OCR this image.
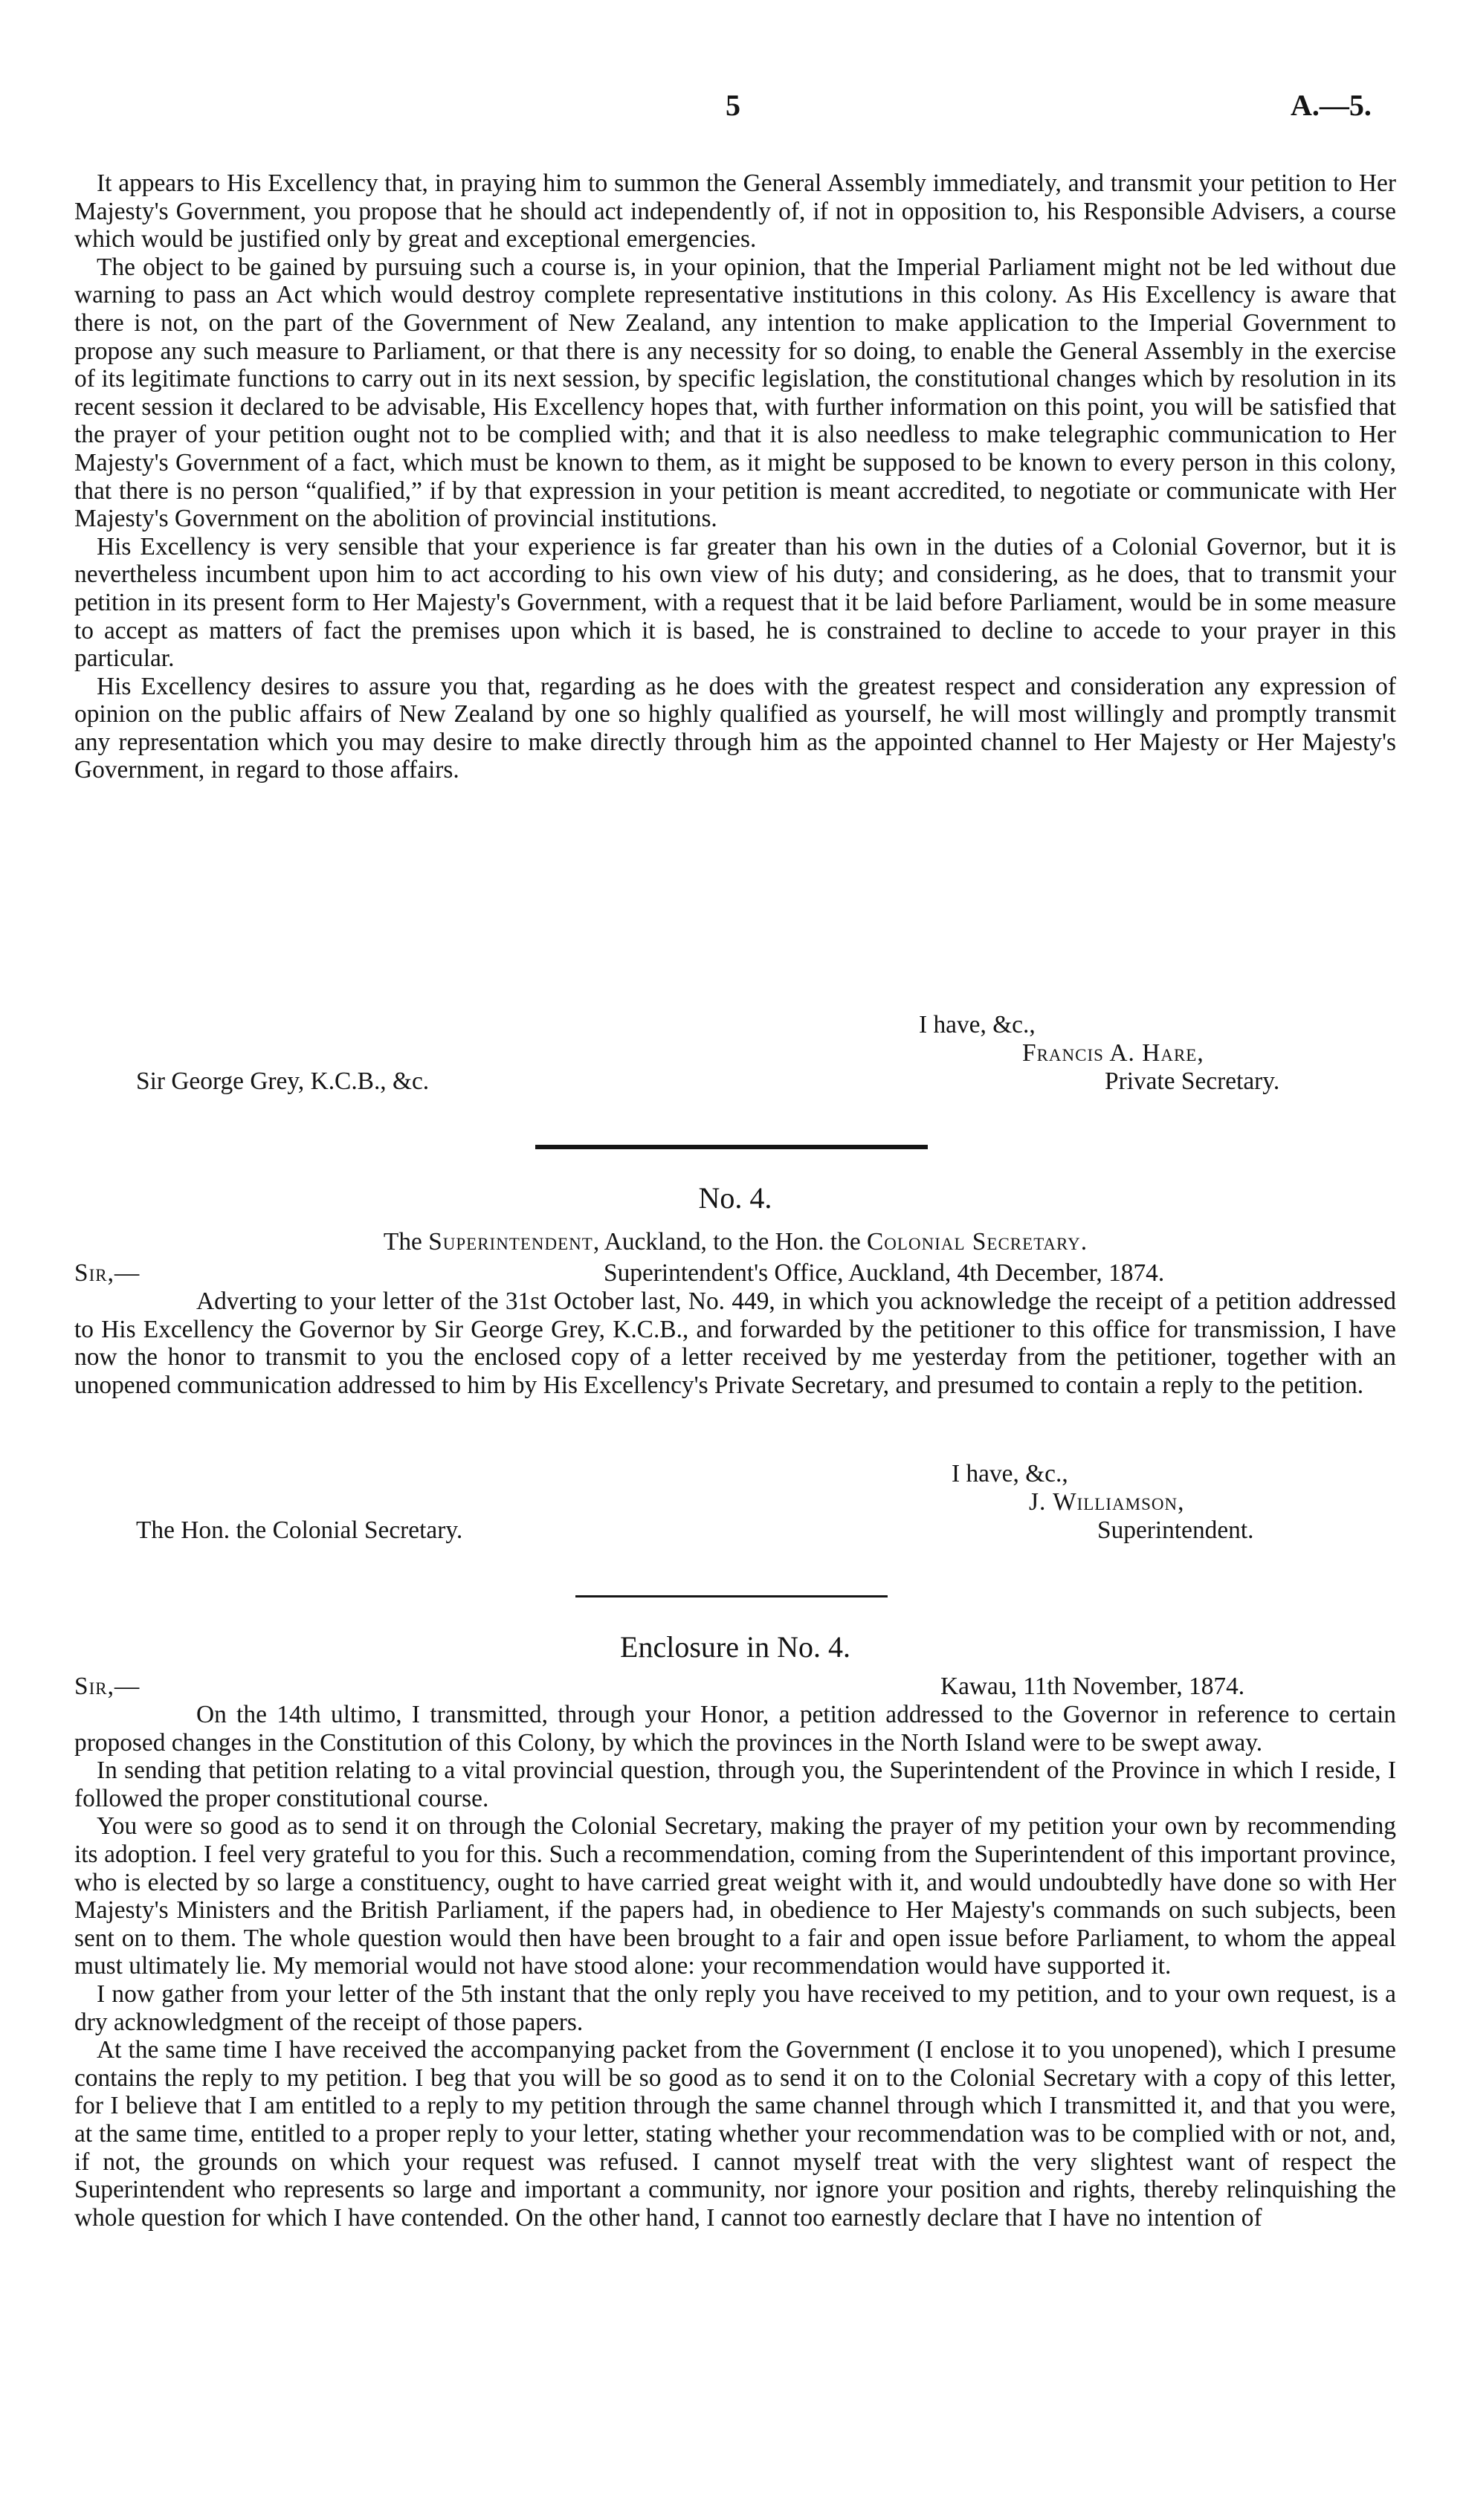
5	A.—5.

It appears to His Excellency that, in praying him to summon the General Assembly immediately, and transmit your petition to Her Majesty's Government, you propose that he should act independently of, if not in opposition to, his Responsible Advisers, a course which would be justified only by great and exceptional emergencies.

The object to be gained by pursuing such a course is, in your opinion, that the Imperial Parliament might not be led without due warning to pass an Act which would destroy complete representative institutions in this colony. As His Excellency is aware that there is not, on the part of the Government of New Zealand, any intention to make application to the Imperial Government to propose any such measure to Parliament, or that there is any necessity for so doing, to enable the General Assembly in the exercise of its legitimate functions to carry out in its next session, by specific legislation, the constitutional changes which by resolution in its recent session it declared to be advisable, His Excellency hopes that, with further information on this point, you will be satisfied that the prayer of your petition ought not to be complied with; and that it is also needless to make telegraphic communication to Her Majesty's Government of a fact, which must be known to them, as it might be supposed to be known to every person in this colony, that there is no person “qualified,” if by that expression in your petition is meant accredited, to negotiate or communicate with Her Majesty's Government on the abolition of provincial institutions.

His Excellency is very sensible that your experience is far greater than his own in the duties of a Colonial Governor, but it is nevertheless incumbent upon him to act according to his own view of his duty; and considering, as he does, that to transmit your petition in its present form to Her Majesty's Government, with a request that it be laid before Parliament, would be in some measure to accept as matters of fact the premises upon which it is based, he is constrained to decline to accede to your prayer in this particular.

His Excellency desires to assure you that, regarding as he does with the greatest respect and consideration any expression of opinion on the public affairs of New Zealand by one so highly qualified as yourself, he will most willingly and promptly transmit any representation which you may desire to make directly through him as the appointed channel to Her Majesty or Her Majesty's Government, in regard to those affairs.

I have, &c.,
Francis A. Hare,
Private Secretary.
Sir George Grey, K.C.B., &c.
No. 4.
The Superintendent, Auckland, to the Hon. the Colonial Secretary.
Sir,—	Superintendent's Office, Auckland, 4th December, 1874.

Adverting to your letter of the 31st October last, No. 449, in which you acknowledge the receipt of a petition addressed to His Excellency the Governor by Sir George Grey, K.C.B., and forwarded by the petitioner to this office for transmission, I have now the honor to transmit to you the enclosed copy of a letter received by me yesterday from the petitioner, together with an unopened communication addressed to him by His Excellency's Private Secretary, and presumed to contain a reply to the petition.

I have, &c.,
J. Williamson,
Superintendent.
The Hon. the Colonial Secretary.
Enclosure in No. 4.
Sir,—	Kawau, 11th November, 1874.

On the 14th ultimo, I transmitted, through your Honor, a petition addressed to the Governor in reference to certain proposed changes in the Constitution of this Colony, by which the provinces in the North Island were to be swept away.

In sending that petition relating to a vital provincial question, through you, the Superintendent of the Province in which I reside, I followed the proper constitutional course.

You were so good as to send it on through the Colonial Secretary, making the prayer of my petition your own by recommending its adoption. I feel very grateful to you for this. Such a recommendation, coming from the Superintendent of this important province, who is elected by so large a constituency, ought to have carried great weight with it, and would undoubtedly have done so with Her Majesty's Ministers and the British Parliament, if the papers had, in obedience to Her Majesty's commands on such subjects, been sent on to them. The whole question would then have been brought to a fair and open issue before Parliament, to whom the appeal must ultimately lie. My memorial would not have stood alone: your recommendation would have supported it.

I now gather from your letter of the 5th instant that the only reply you have received to my petition, and to your own request, is a dry acknowledgment of the receipt of those papers.

At the same time I have received the accompanying packet from the Government (I enclose it to you unopened), which I presume contains the reply to my petition. I beg that you will be so good as to send it on to the Colonial Secretary with a copy of this letter, for I believe that I am entitled to a reply to my petition through the same channel through which I transmitted it, and that you were, at the same time, entitled to a proper reply to your letter, stating whether your recommendation was to be complied with or not, and, if not, the grounds on which your request was refused. I cannot myself treat with the very slightest want of respect the Superintendent who represents so large and important a community, nor ignore your position and rights, thereby relinquishing the whole question for which I have contended. On the other hand, I cannot too earnestly declare that I have no intention of
